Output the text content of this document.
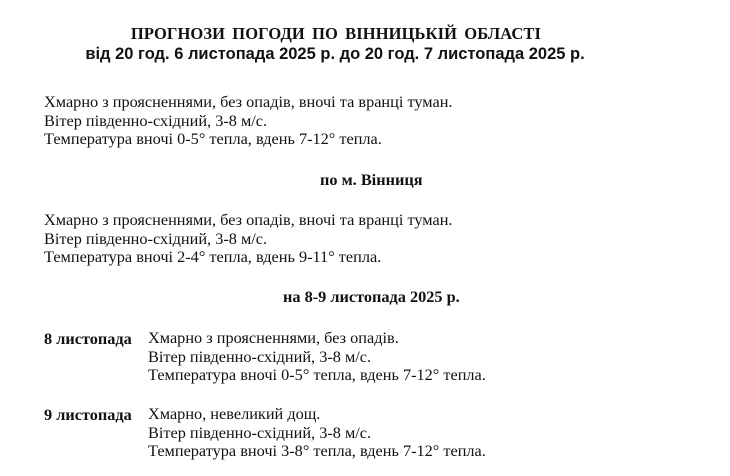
ПРОГНОЗИ ПОГОДИ ПО ВІННИЦЬКІЙ ОБЛАСТІ
від 20 год. 6 листопада 2025 р. до 20 год. 7 листопада 2025 р.
Хмарно з проясненнями, без опадів, вночі та вранці туман.
Вітер південно-східний, 3-8 м/с.
Температура вночі 0-5° тепла, вдень 7-12° тепла.
по м. Вінниця
Хмарно з проясненнями, без опадів, вночі та вранці туман.
Вітер південно-східний, 3-8 м/с.
Температура вночі 2-4° тепла, вдень 9-11° тепла.
на 8-9 листопада 2025 р.
8 листопада Хмарно з проясненнями, без опадів.
Вітер південно-східний, 3-8 м/с.
Температура вночі 0-5° тепла, вдень 7-12° тепла.
9 листопада Хмарно, невеликий дощ.
Вітер південно-східний, 3-8 м/с.
Температура вночі 3-8° тепла, вдень 7-12° тепла.
